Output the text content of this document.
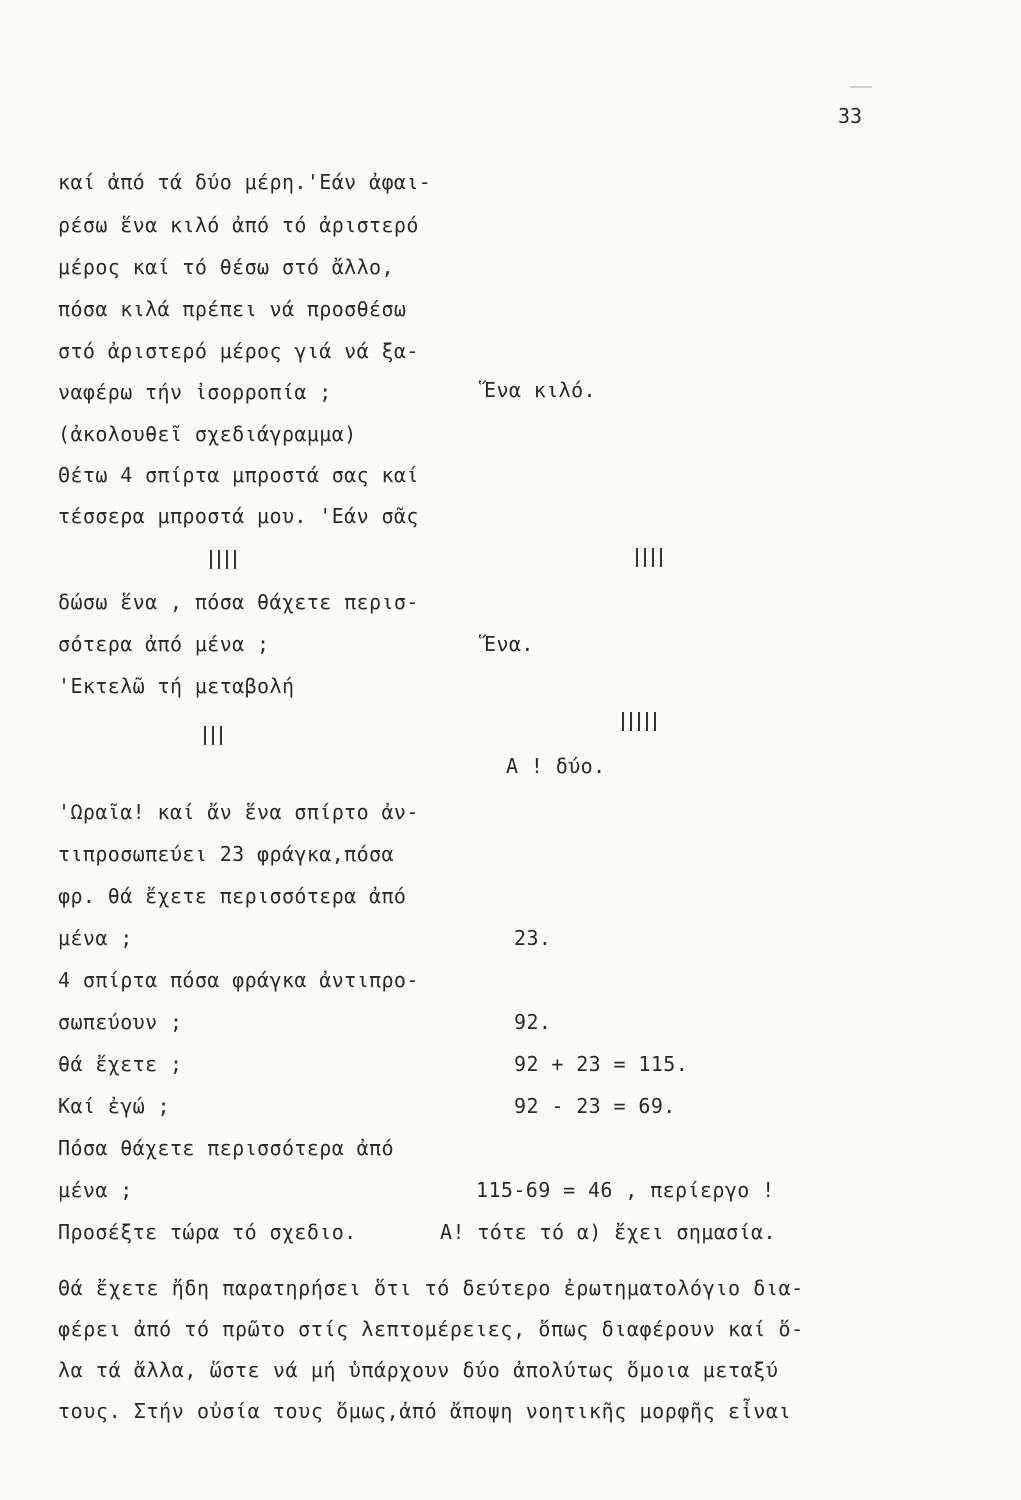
33
καί ἀπό τά δύο μέρη.'Εάν ἀφαι-
ρέσω ἕνα κιλό ἀπό τό ἀριστερό
μέρος καί τό θέσω στό ἄλλο,
πόσα κιλά πρέπει νά προσθέσω
στό ἀριστερό μέρος γιά νά ξα-
ναφέρω τήν ἰσορροπία ;	Ἕνα κιλό.
(ἀκολουθεῖ σχεδιάγραμμα)
Θέτω 4 σπίρτα μπροστά σας καί
τέσσερα μπροστά μου. 'Εάν σᾶς
δώσω ἕνα , πόσα θάχετε περισ-
σότερα ἀπό μένα ;	Ἕνα.
'Εκτελῶ τή μεταβολή
Α ! δύο.
'Ωραῖα! καί ἄν ἕνα σπίρτο ἀν-
τιπροσωπεύει 23 φράγκα,πόσα
φρ. θά ἔχετε περισσότερα ἀπό
μένα ;	23.
4 σπίρτα πόσα φράγκα ἀντιπρο-
σωπεύουν ;	92.
θά ἔχετε ;	92 + 23 = 115.
Καί ἐγώ ;	92 - 23 = 69.
Πόσα θάχετε περισσότερα ἀπό
μένα ;	115-69 = 46 , περίεργο !
Προσέξτε τώρα τό σχεδιο.	Α! τότε τό α) ἔχει σημασία.
Θά ἔχετε ἤδη παρατηρήσει ὅτι τό δεύτερο ἐρωτηματολόγιο δια-
φέρει ἀπό τό πρῶτο στίς λεπτομέρειες, ὅπως διαφέρουν καί ὅ-
λα τά ἄλλα, ὥστε νά μή ὑπάρχουν δύο ἀπολύτως ὅμοια μεταξύ
τους. Στήν οὐσία τους ὅμως,ἀπό ἄποψη νοητικῆς μορφῆς εἶναι
